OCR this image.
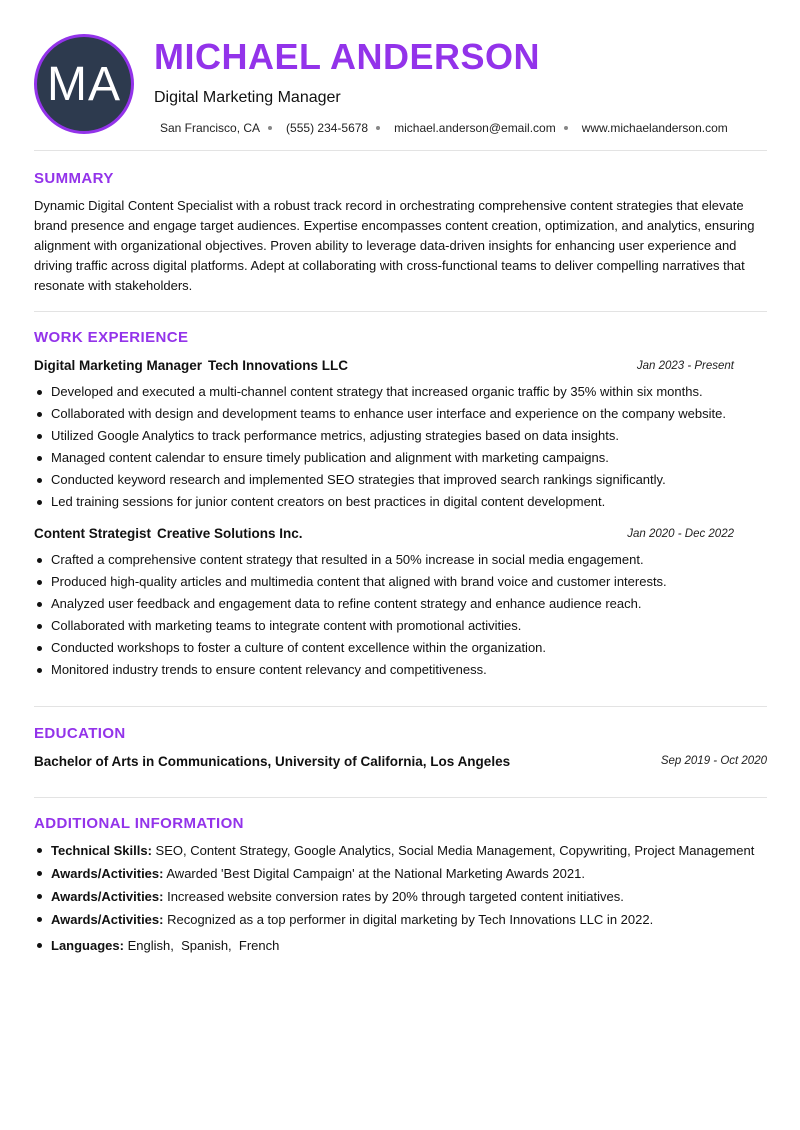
MA
MICHAEL ANDERSON
Digital Marketing Manager
San Francisco, CA (555) 234-5678 michael.anderson@email.com www.michaelanderson.com
SUMMARY
Dynamic Digital Content Specialist with a robust track record in orchestrating comprehensive content strategies that elevate brand presence and engage target audiences. Expertise encompasses content creation, optimization, and analytics, ensuring alignment with organizational objectives. Proven ability to leverage data-driven insights for enhancing user experience and driving traffic across digital platforms. Adept at collaborating with cross-functional teams to deliver compelling narratives that resonate with stakeholders.
WORK EXPERIENCE
Digital Marketing Manager Tech Innovations LLC	Jan 2023 - Present
Developed and executed a multi-channel content strategy that increased organic traffic by 35% within six months.
Collaborated with design and development teams to enhance user interface and experience on the company website.
Utilized Google Analytics to track performance metrics, adjusting strategies based on data insights.
Managed content calendar to ensure timely publication and alignment with marketing campaigns.
Conducted keyword research and implemented SEO strategies that improved search rankings significantly.
Led training sessions for junior content creators on best practices in digital content development.
Content Strategist Creative Solutions Inc.	Jan 2020 - Dec 2022
Crafted a comprehensive content strategy that resulted in a 50% increase in social media engagement.
Produced high-quality articles and multimedia content that aligned with brand voice and customer interests.
Analyzed user feedback and engagement data to refine content strategy and enhance audience reach.
Collaborated with marketing teams to integrate content with promotional activities.
Conducted workshops to foster a culture of content excellence within the organization.
Monitored industry trends to ensure content relevancy and competitiveness.
EDUCATION
Bachelor of Arts in Communications, University of California, Los Angeles	Sep 2019 - Oct 2020
ADDITIONAL INFORMATION
Technical Skills: SEO, Content Strategy, Google Analytics, Social Media Management, Copywriting, Project Management
Awards/Activities: Awarded 'Best Digital Campaign' at the National Marketing Awards 2021.
Awards/Activities: Increased website conversion rates by 20% through targeted content initiatives.
Awards/Activities: Recognized as a top performer in digital marketing by Tech Innovations LLC in 2022.
Languages: English,  Spanish,  French
